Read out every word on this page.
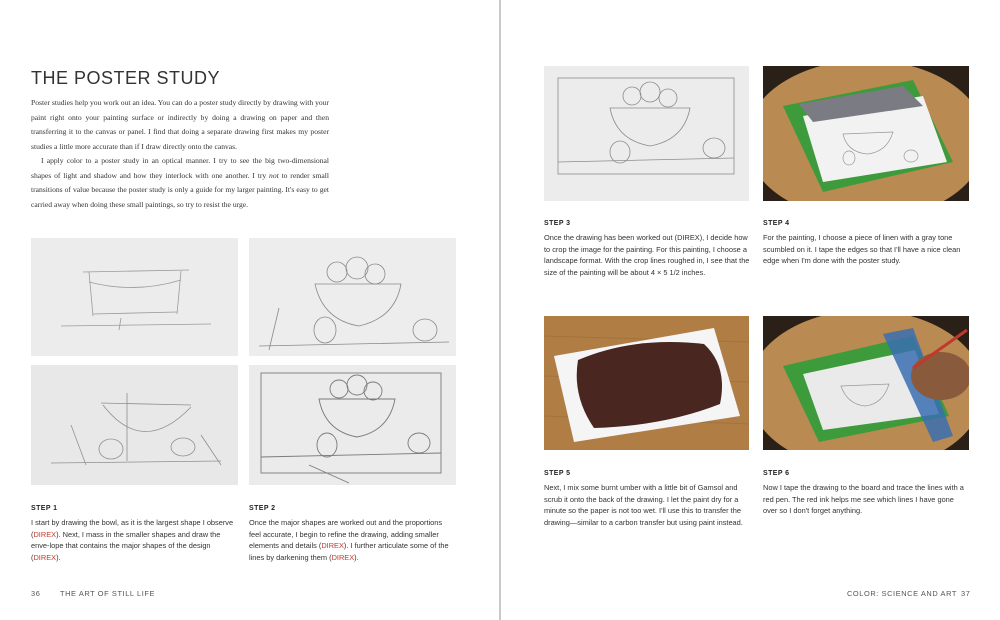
THE POSTER STUDY

Poster studies help you work out an idea. You can do a poster study directly by drawing with your paint right onto your painting surface or indirectly by doing a drawing on paper and then transferring it to the canvas or panel. I find that doing a separate drawing first makes my poster studies a little more accurate than if I draw directly onto the canvas.

I apply color to a poster study in an optical manner. I try to see the big two-dimensional shapes of light and shadow and how they interlock with one another. I try not to render small transitions of value because the poster study is only a guide for my larger painting. It's easy to get carried away when doing these small paintings, so try to resist the urge.

STEP 1
I start by drawing the bowl, as it is the largest shape I observe (DIREX). Next, I mass in the smaller shapes and draw the enve-lope that contains the major shapes of the design (DIREX).
STEP 2
Once the major shapes are worked out and the proportions feel accurate, I begin to refine the drawing, adding smaller elements and details (DIREX). I further articulate some of the lines by darkening them (DIREX).
36	THE ART OF STILL LIFE
STEP 3
Once the drawing has been worked out (DIREX), I decide how to crop the image for the painting. For this painting, I choose a landscape format. With the crop lines roughed in, I see that the size of the painting will be about 4 × 5 1/2 inches.
STEP 4
For the painting, I choose a piece of linen with a gray tone scumbled on it. I tape the edges so that I'll have a nice clean edge when I'm done with the poster study.
STEP 5
Next, I mix some burnt umber with a little bit of Gamsol and scrub it onto the back of the drawing. I let the paint dry for a minute so the paper is not too wet. I'll use this to transfer the drawing—similar to a carbon transfer but using paint instead.
STEP 6
Now I tape the drawing to the board and trace the lines with a red pen. The red ink helps me see which lines I have gone over so I don't forget anything.
COLOR: SCIENCE AND ART 37
